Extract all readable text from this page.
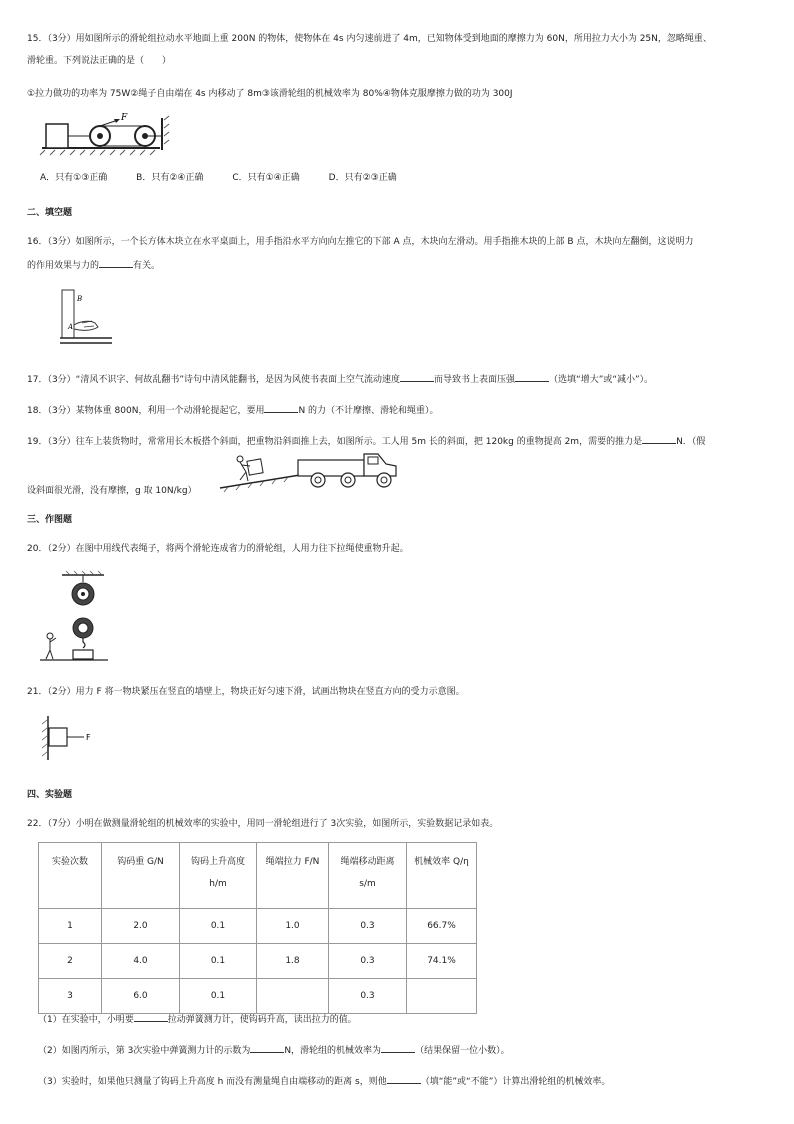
15．（3分）用如图所示的滑轮组拉动水平地面上重 200N 的物体，使物体在 4s 内匀速前进了 4m，已知物体受到地面的摩擦力为 60N，所用拉力大小为 25N，忽略绳重、
滑轮重。下列说法正确的是（　　）
①拉力做功的功率为 75W②绳子自由端在 4s 内移动了 8m③该滑轮组的机械效率为 80%④物体克服摩擦力做的功为 300J
F
A．只有①③正确	B．只有②④正确	C．只有①④正确	D．只有②③正确
二、填空题
16．（3分）如图所示，一个长方体木块立在水平桌面上，用手指沿水平方向向左推它的下部 A 点，木块向左滑动。用手指推木块的上部 B 点，木块向左翻倒，这说明力
的作用效果与力的	有关。
B
A
17．（3分）“清风不识字、何故乱翻书”诗句中清风能翻书，是因为风使书表面上空气流动速度	而导致书上表面压强	（选填“增大”或“减小”）。
18．（3分）某物体重 800N，利用一个动滑轮提起它，要用	N 的力（不计摩擦、滑轮和绳重）。
19．（3分）往车上装货物时，常常用长木板搭个斜面，把重物沿斜面推上去，如图所示。工人用 5m 长的斜面，把 120kg 的重物提高 2m，需要的推力是	N．（假
设斜面很光滑，没有摩擦，g 取 10N/kg）
三、作图题
20．（2分）在图中用线代表绳子，将两个滑轮连成省力的滑轮组，人用力往下拉绳使重物升起。
21．（2分）用力 F 将一物块紧压在竖直的墙壁上，物块正好匀速下滑，试画出物块在竖直方向的受力示意图。
F
四、实验题
22．（7分）小明在做测量滑轮组的机械效率的实验中，用同一滑轮组进行了 3次实验，如图所示，实验数据记录如表。
实验次数	钩码重 G/N	钩码上升高度
h/m	绳端拉力 F/N	绳端移动距离
s/m	机械效率 Q/η

1	2.0	0.1	1.0	0.3	66.7%
2	4.0	0.1	1.8	0.3	74.1%
3	6.0	0.1		0.3	
（1）在实验中，小明要	拉动弹簧测力计，使钩码升高，读出拉力的值。
（2）如图丙所示，第 3次实验中弹簧测力计的示数为	N，滑轮组的机械效率为	（结果保留一位小数）。
（3）实验时，如果他只测量了钩码上升高度 h 而没有测量绳自由端移动的距离 s，则他	（填“能”或“不能”）计算出滑轮组的机械效率。
